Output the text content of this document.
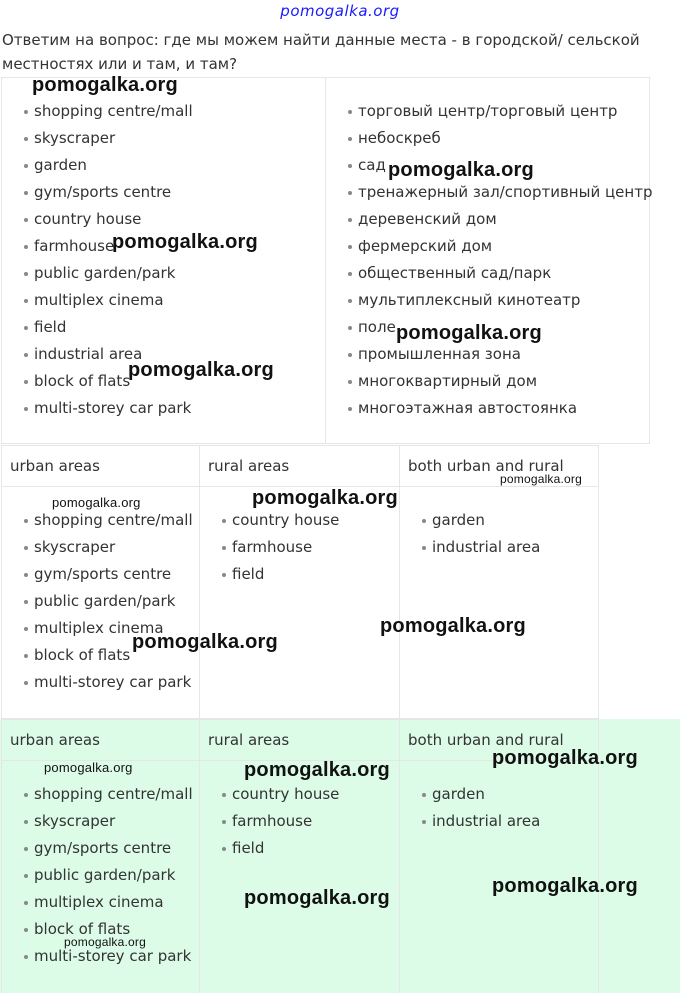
pomogalka.org
Ответим на вопрос: где мы можем найти данные места - в городской/ сельской местностях или и там, и там?
shopping centre/mall
skyscraper
garden
gym/sports centre
country house
farmhouse
public garden/park
multiplex cinema
field
industrial area
block of flats
multi-storey car park
торговый центр/торговый центр
небоскреб
сад
тренажерный зал/спортивный центр
деревенский дом
фермерский дом
общественный сад/парк
мультиплексный кинотеатр
поле
промышленная зона
многоквартирный дом
многоэтажная автостоянка
urban areas
shopping centre/mall
skyscraper
gym/sports centre
public garden/park
multiplex cinema
block of flats
multi-storey car park
rural areas
country house
farmhouse
field
both urban and rural
garden
industrial area
urban areas
shopping centre/mall
skyscraper
gym/sports centre
public garden/park
multiplex cinema
block of flats
multi-storey car park
rural areas
country house
farmhouse
field
both urban and rural
garden
industrial area
pomogalka.org
pomogalka.org
pomogalka.org
pomogalka.org
pomogalka.org
pomogalka.org	pomogalka.org
pomogalka.org
pomogalka.org
pomogalka.org
pomogalka.org	pomogalka.org
pomogalka.org
pomogalka.org
pomogalka.org
pomogalka.org
